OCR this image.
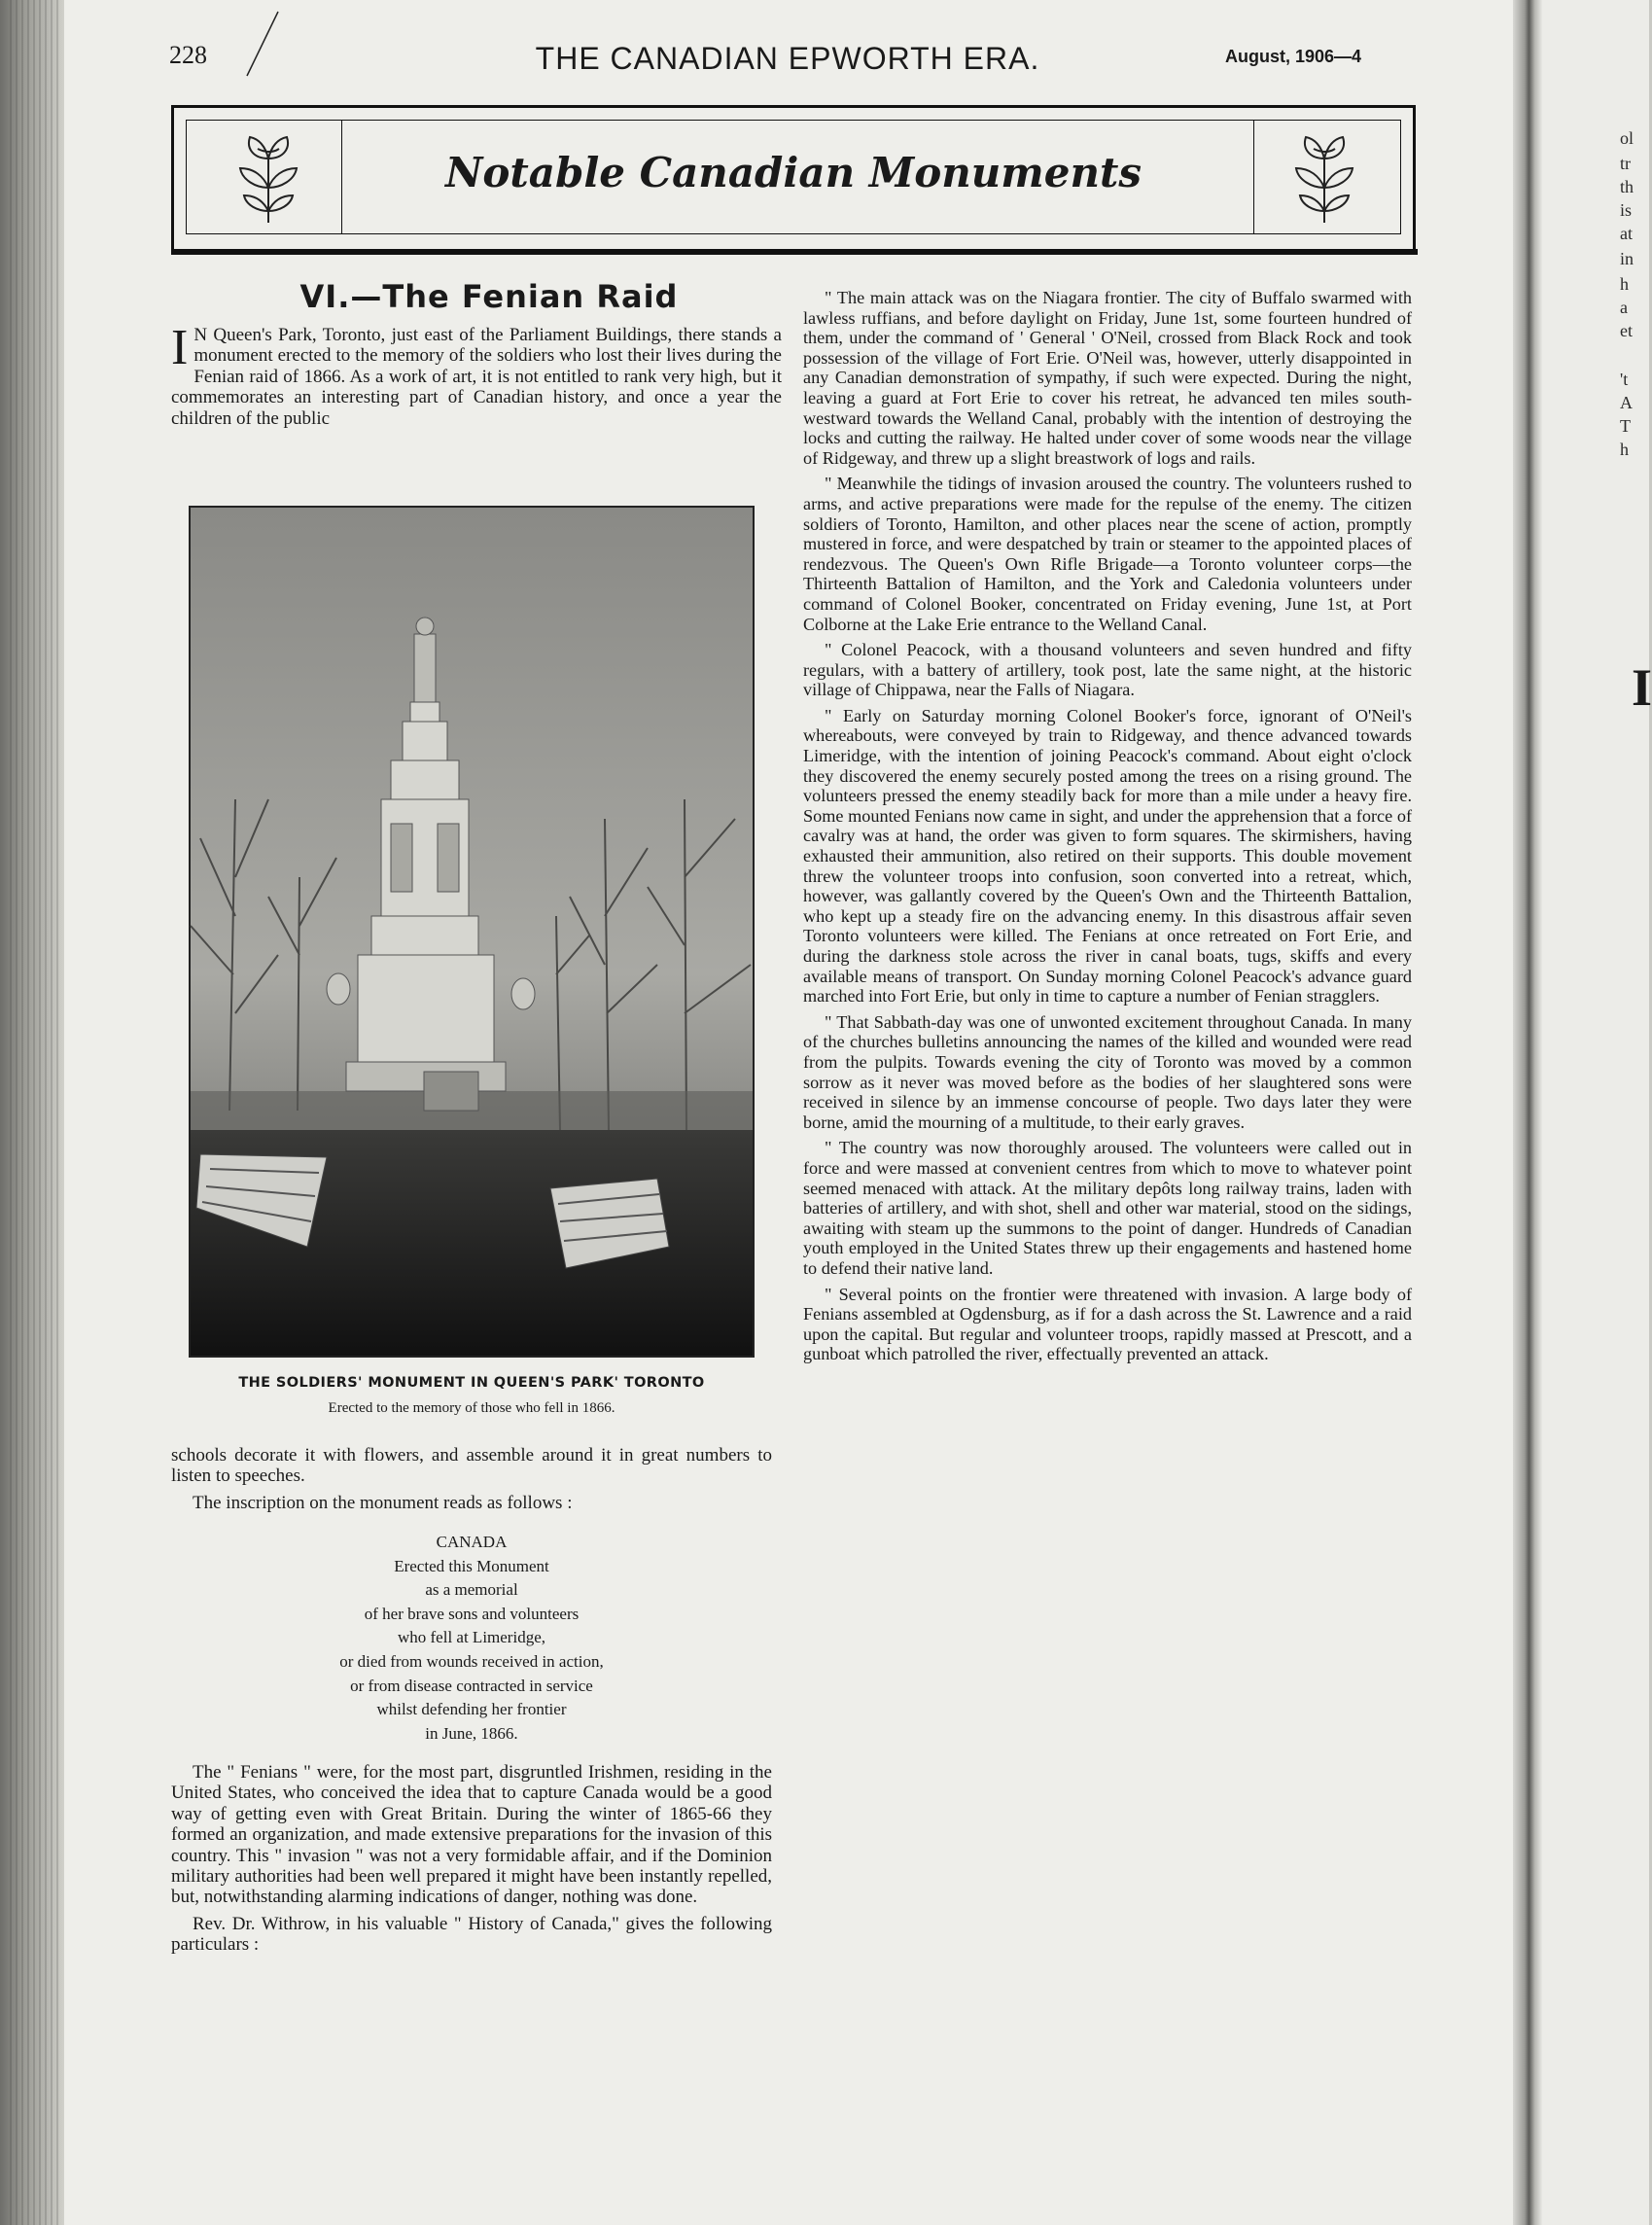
ol
tr
th
is
at
in
h
a
et
't
A
T
h
I
228	THE CANADIAN EPWORTH ERA.	August, 1906—4
Notable Canadian Monuments
VI.—The Fenian Raid

I N Queen's Park, Toronto, just east of the Parliament Buildings, there stands a monument erected to the memory of the soldiers who lost their lives during the Fenian raid of 1866. As a work of art, it is not entitled to rank very high, but it commemorates an interesting part of Canadian history, and once a year the children of the public

THE SOLDIERS' MONUMENT IN QUEEN'S PARK' TORONTO
Erected to the memory of those who fell in 1866.

schools decorate it with flowers, and assemble around it in great numbers to listen to speeches.

The inscription on the monument reads as follows :

CANADA
Erected this Monument
as a memorial
of her brave sons and volunteers
who fell at Limeridge,
or died from wounds received in action,
or from disease contracted in service
whilst defending her frontier
in June, 1866.

The " Fenians " were, for the most part, disgruntled Irishmen, residing in the United States, who conceived the idea that to capture Canada would be a good way of getting even with Great Britain. During the winter of 1865-66 they formed an organization, and made extensive preparations for the invasion of this country. This " invasion " was not a very formidable affair, and if the Dominion military authorities had been well prepared it might have been instantly repelled, but, notwithstanding alarming indications of danger, nothing was done.

Rev. Dr. Withrow, in his valuable " History of Canada," gives the following particulars :

" The main attack was on the Niagara frontier. The city of Buffalo swarmed with lawless ruffians, and before daylight on Friday, June 1st, some fourteen hundred of them, under the command of ' General ' O'Neil, crossed from Black Rock and took possession of the village of Fort Erie. O'Neil was, however, utterly disappointed in any Canadian demonstration of sympathy, if such were expected. During the night, leaving a guard at Fort Erie to cover his retreat, he advanced ten miles south-westward towards the Welland Canal, probably with the intention of destroying the locks and cutting the railway. He halted under cover of some woods near the village of Ridgeway, and threw up a slight breastwork of logs and rails.

" Meanwhile the tidings of invasion aroused the country. The volunteers rushed to arms, and active preparations were made for the repulse of the enemy. The citizen soldiers of Toronto, Hamilton, and other places near the scene of action, promptly mustered in force, and were despatched by train or steamer to the appointed places of rendezvous. The Queen's Own Rifle Brigade—a Toronto volunteer corps—the Thirteenth Battalion of Hamilton, and the York and Caledonia volunteers under command of Colonel Booker, concentrated on Friday evening, June 1st, at Port Colborne at the Lake Erie entrance to the Welland Canal.

" Colonel Peacock, with a thousand volunteers and seven hundred and fifty regulars, with a battery of artillery, took post, late the same night, at the historic village of Chippawa, near the Falls of Niagara.

" Early on Saturday morning Colonel Booker's force, ignorant of O'Neil's whereabouts, were conveyed by train to Ridgeway, and thence advanced towards Limeridge, with the intention of joining Peacock's command. About eight o'clock they discovered the enemy securely posted among the trees on a rising ground. The volunteers pressed the enemy steadily back for more than a mile under a heavy fire. Some mounted Fenians now came in sight, and under the apprehension that a force of cavalry was at hand, the order was given to form squares. The skirmishers, having exhausted their ammunition, also retired on their supports. This double movement threw the volunteer troops into confusion, soon converted into a retreat, which, however, was gallantly covered by the Queen's Own and the Thirteenth Battalion, who kept up a steady fire on the advancing enemy. In this disastrous affair seven Toronto volunteers were killed. The Fenians at once retreated on Fort Erie, and during the darkness stole across the river in canal boats, tugs, skiffs and every available means of transport. On Sunday morning Colonel Peacock's advance guard marched into Fort Erie, but only in time to capture a number of Fenian stragglers.

" That Sabbath-day was one of unwonted excitement throughout Canada. In many of the churches bulletins announcing the names of the killed and wounded were read from the pulpits. Towards evening the city of Toronto was moved by a common sorrow as it never was moved before as the bodies of her slaughtered sons were received in silence by an immense concourse of people. Two days later they were borne, amid the mourning of a multitude, to their early graves.

" The country was now thoroughly aroused. The volunteers were called out in force and were massed at convenient centres from which to move to whatever point seemed menaced with attack. At the military depôts long railway trains, laden with batteries of artillery, and with shot, shell and other war material, stood on the sidings, awaiting with steam up the summons to the point of danger. Hundreds of Canadian youth employed in the United States threw up their engagements and hastened home to defend their native land.

" Several points on the frontier were threatened with invasion. A large body of Fenians assembled at Ogdensburg, as if for a dash across the St. Lawrence and a raid upon the capital. But regular and volunteer troops, rapidly massed at Prescott, and a gunboat which patrolled the river, effectually prevented an attack.
